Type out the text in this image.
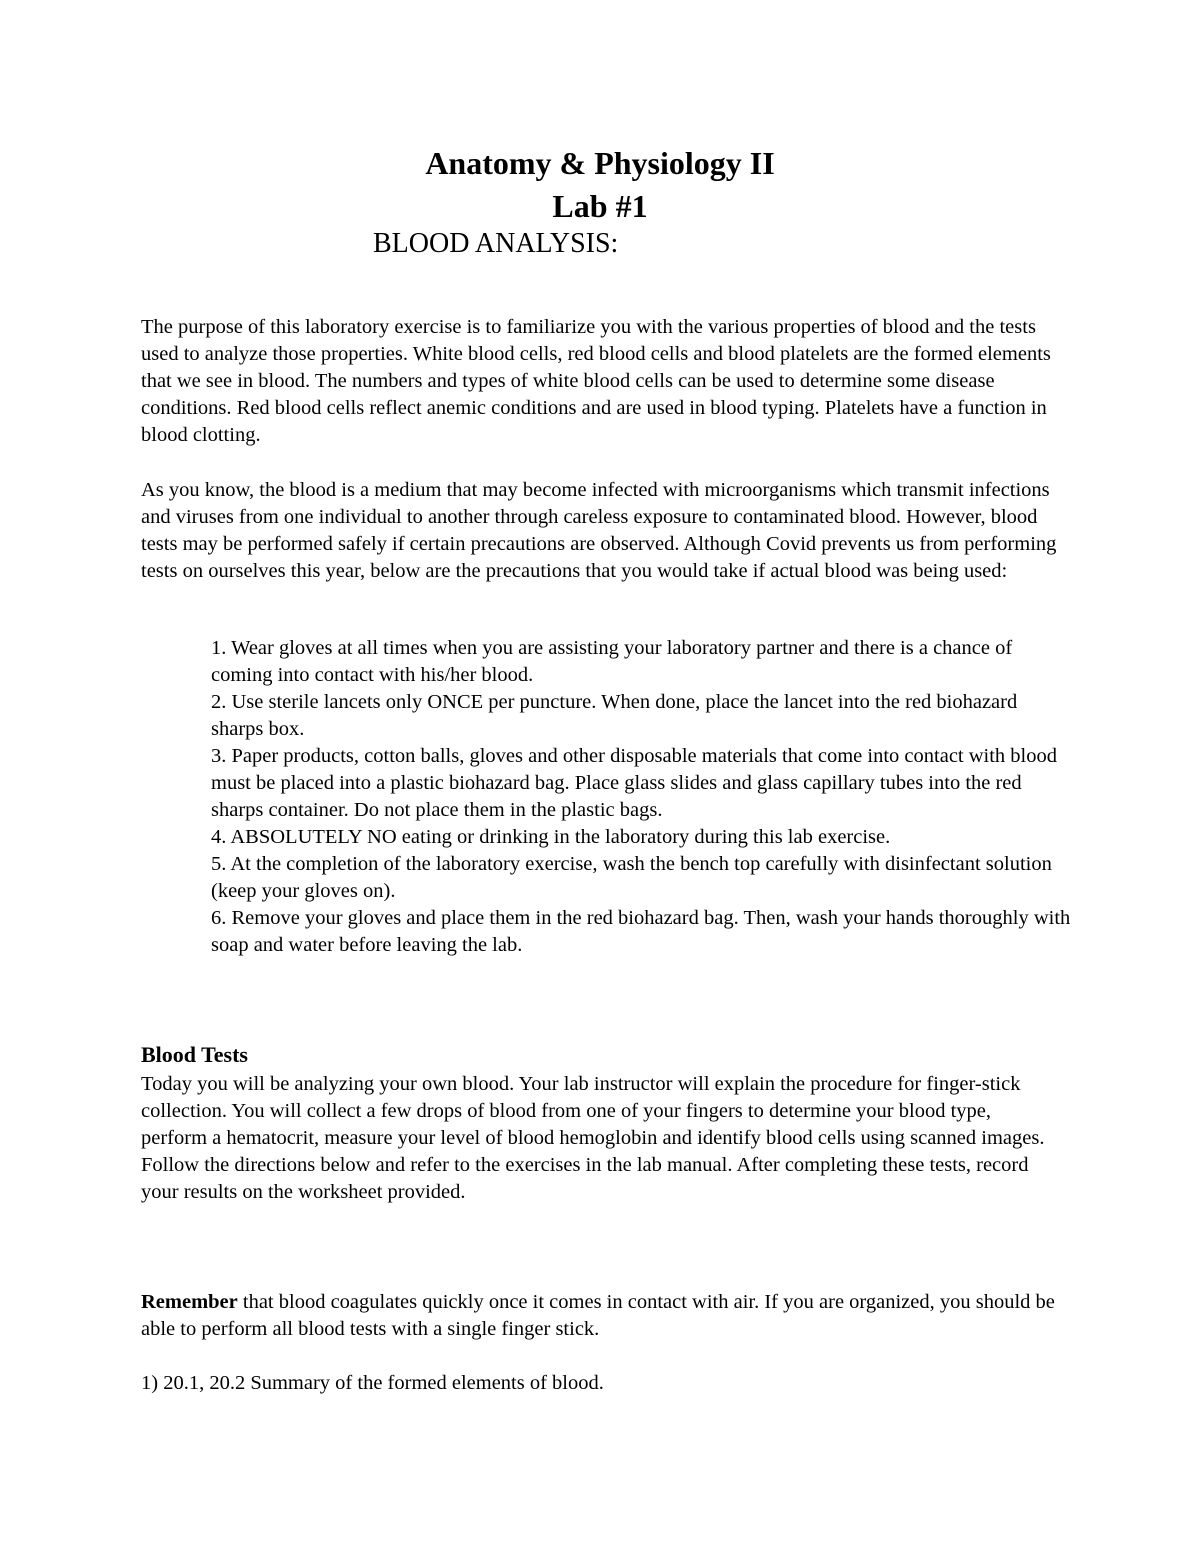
Anatomy & Physiology II
Lab #1
BLOOD ANALYSIS:
The purpose of this laboratory exercise is to familiarize you with the various properties of blood and the tests used to analyze those properties. White blood cells, red blood cells and blood platelets are the formed elements that we see in blood. The numbers and types of white blood cells can be used to determine some disease conditions. Red blood cells reflect anemic conditions and are used in blood typing. Platelets have a function in blood clotting.
As you know, the blood is a medium that may become infected with microorganisms which transmit infections and viruses from one individual to another through careless exposure to contaminated blood. However, blood tests may be performed safely if certain precautions are observed. Although Covid prevents us from performing tests on ourselves this year, below are the precautions that you would take if actual blood was being used:
1. Wear gloves at all times when you are assisting your laboratory partner and there is a chance of coming into contact with his/her blood.
2. Use sterile lancets only ONCE per puncture. When done, place the lancet into the red biohazard sharps box.
3. Paper products, cotton balls, gloves and other disposable materials that come into contact with blood must be placed into a plastic biohazard bag. Place glass slides and glass capillary tubes into the red sharps container. Do not place them in the plastic bags.
4. ABSOLUTELY NO eating or drinking in the laboratory during this lab exercise.
5. At the completion of the laboratory exercise, wash the bench top carefully with disinfectant solution (keep your gloves on).
6. Remove your gloves and place them in the red biohazard bag. Then, wash your hands thoroughly with soap and water before leaving the lab.
Blood Tests
Today you will be analyzing your own blood. Your lab instructor will explain the procedure for finger-stick collection. You will collect a few drops of blood from one of your fingers to determine your blood type, perform a hematocrit, measure your level of blood hemoglobin and identify blood cells using scanned images. Follow the directions below and refer to the exercises in the lab manual. After completing these tests, record your results on the worksheet provided.
Remember that blood coagulates quickly once it comes in contact with air. If you are organized, you should be able to perform all blood tests with a single finger stick.
1) 20.1, 20.2 Summary of the formed elements of blood.
